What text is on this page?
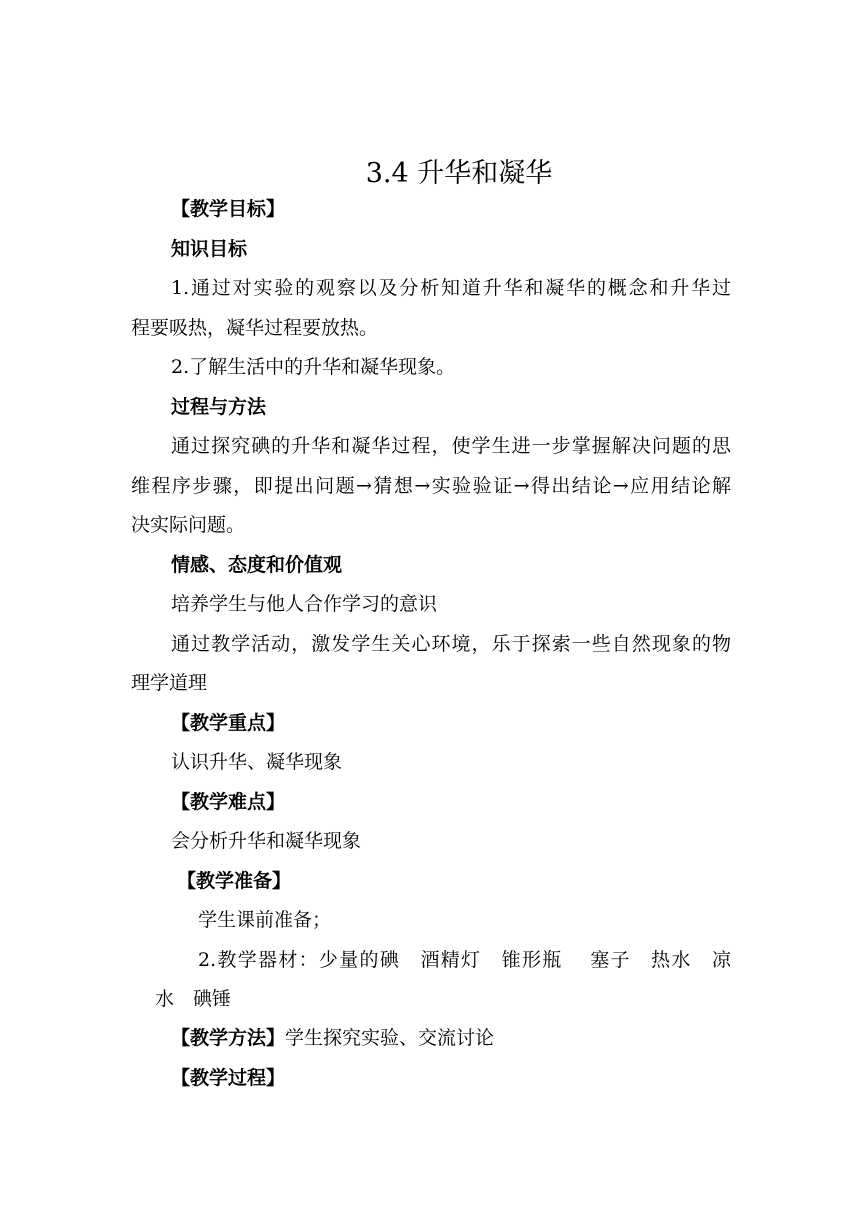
3.4 升华和凝华
【教学目标】
知识目标
1.通过对实验的观察以及分析知道升华和凝华的概念和升华过
程要吸热，凝华过程要放热。
2.了解生活中的升华和凝华现象。
过程与方法
通过探究碘的升华和凝华过程，使学生进一步掌握解决问题的思
维程序步骤，即提出问题→猜想→实验验证→得出结论→应用结论解
决实际问题。
情感、态度和价值观
培养学生与他人合作学习的意识
通过教学活动，激发学生关心环境，乐于探索一些自然现象的物
理学道理
【教学重点】
认识升华、凝华现象
【教学难点】
会分析升华和凝华现象
【教学准备】
学生课前准备；
2.教学器材：少量的碘　酒精灯　锥形瓶　 塞子　热水　凉
水　碘锤
【教学方法】学生探究实验、交流讨论
【教学过程】
